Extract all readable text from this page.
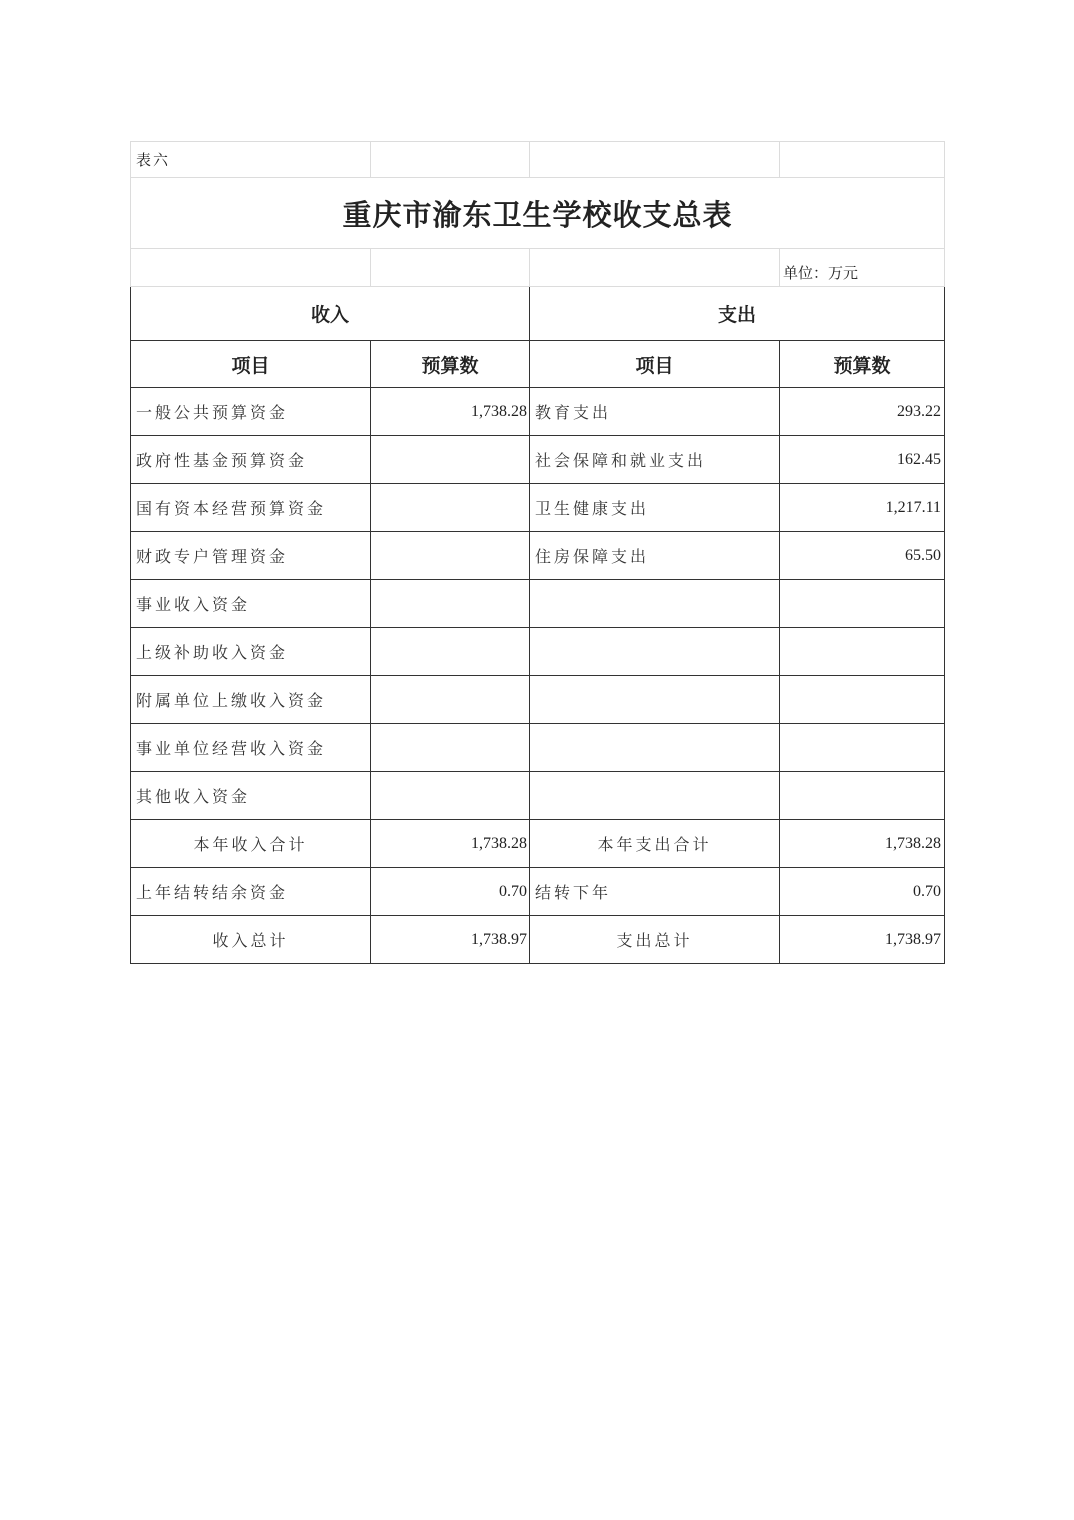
表六			
重庆市渝东卫生学校收支总表			
			单位：万元
收入		支出	
项目	预算数	项目	预算数
一般公共预算资金	1,738.28	教育支出	293.22
政府性基金预算资金		社会保障和就业支出	162.45
国有资本经营预算资金		卫生健康支出	1,217.11
财政专户管理资金		住房保障支出	65.50
事业收入资金			
上级补助收入资金			
附属单位上缴收入资金			
事业单位经营收入资金			
其他收入资金			
本年收入合计	1,738.28	本年支出合计	1,738.28
上年结转结余资金	0.70	结转下年	0.70
收入总计	1,738.97	支出总计	1,738.97
